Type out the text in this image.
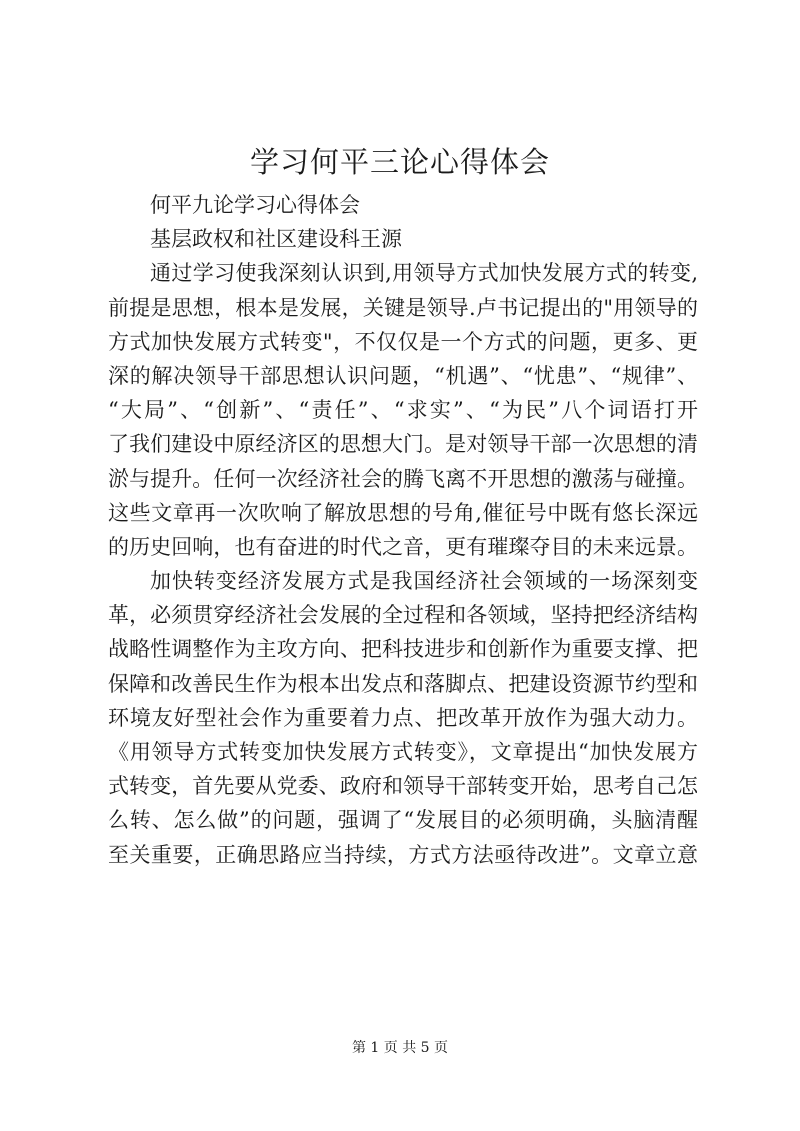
学习何平三论心得体会
何平九论学习心得体会
基层政权和社区建设科王源
通过学习使我深刻认识到,用领导方式加快发展方式的转变,
前提是思想，根本是发展，关键是领导.卢书记提出的"用领导的
方式加快发展方式转变"，不仅仅是一个方式的问题，更多、更
深的解决领导干部思想认识问题，“机遇”、“忧患”、“规律”、
“大局”、“创新”、“责任”、“求实”、“为民”八个词语打开
了我们建设中原经济区的思想大门。是对领导干部一次思想的清
淤与提升。任何一次经济社会的腾飞离不开思想的激荡与碰撞。
这些文章再一次吹响了解放思想的号角,催征号中既有悠长深远
的历史回响，也有奋进的时代之音，更有璀璨夺目的未来远景。
加快转变经济发展方式是我国经济社会领域的一场深刻变
革，必须贯穿经济社会发展的全过程和各领域，坚持把经济结构
战略性调整作为主攻方向、把科技进步和创新作为重要支撑、把
保障和改善民生作为根本出发点和落脚点、把建设资源节约型和
环境友好型社会作为重要着力点、把改革开放作为强大动力。
《用领导方式转变加快发展方式转变》，文章提出“加快发展方
式转变，首先要从党委、政府和领导干部转变开始，思考自己怎
么转、怎么做”的问题，强调了“发展目的必须明确，头脑清醒
至关重要，正确思路应当持续，方式方法亟待改进”。文章立意
第 1 页 共 5 页
